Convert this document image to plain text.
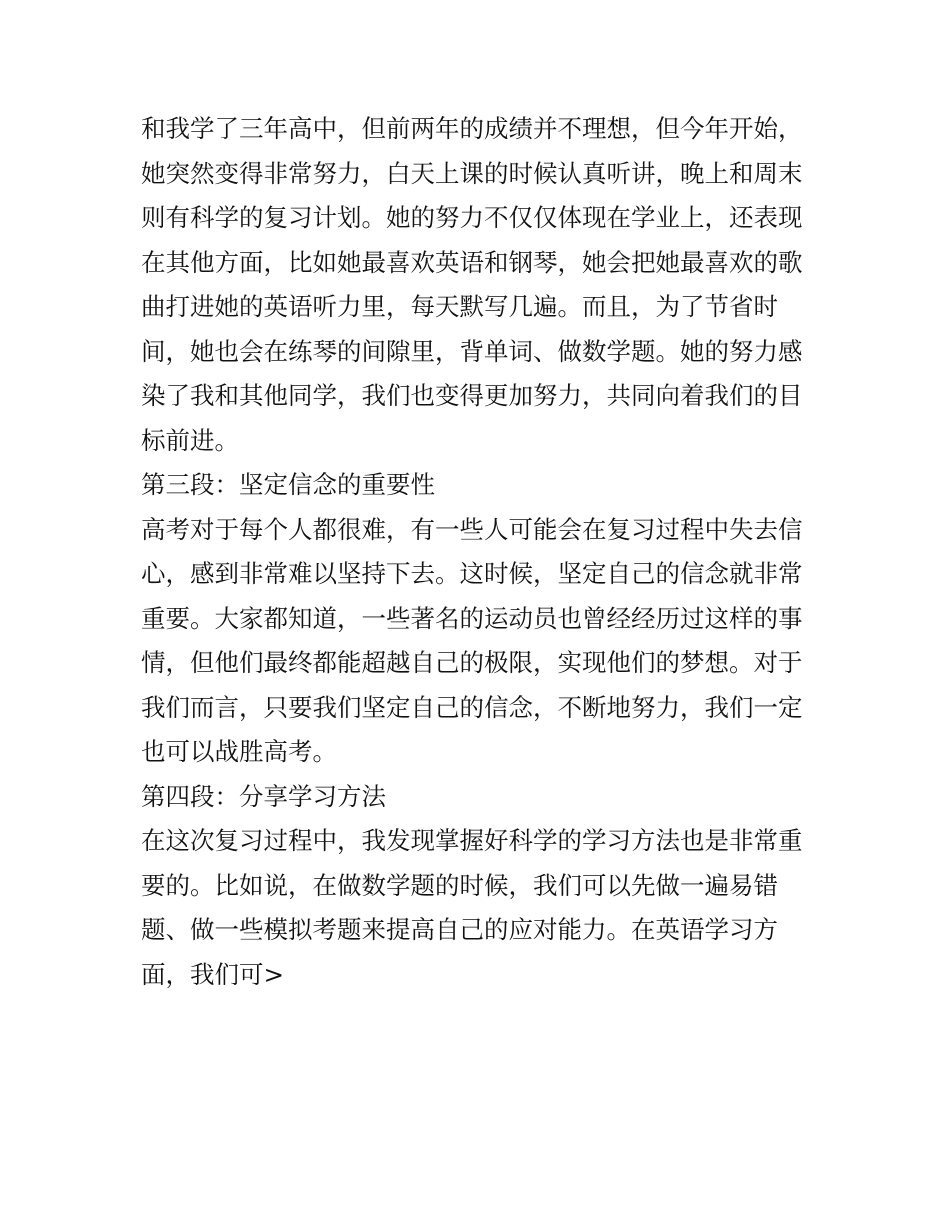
和我学了三年高中，但前两年的成绩并不理想，但今年开始，
她突然变得非常努力，白天上课的时候认真听讲，晚上和周末
则有科学的复习计划。她的努力不仅仅体现在学业上，还表现
在其他方面，比如她最喜欢英语和钢琴，她会把她最喜欢的歌
曲打进她的英语听力里，每天默写几遍。而且，为了节省时
间，她也会在练琴的间隙里，背单词、做数学题。她的努力感
染了我和其他同学，我们也变得更加努力，共同向着我们的目
标前进。
第三段：坚定信念的重要性
高考对于每个人都很难，有一些人可能会在复习过程中失去信
心，感到非常难以坚持下去。这时候，坚定自己的信念就非常
重要。大家都知道，一些著名的运动员也曾经经历过这样的事
情，但他们最终都能超越自己的极限，实现他们的梦想。对于
我们而言，只要我们坚定自己的信念，不断地努力，我们一定
也可以战胜高考。
第四段：分享学习方法
在这次复习过程中，我发现掌握好科学的学习方法也是非常重
要的。比如说，在做数学题的时候，我们可以先做一遍易错
题、做一些模拟考题来提高自己的应对能力。在英语学习方
面，我们可>
